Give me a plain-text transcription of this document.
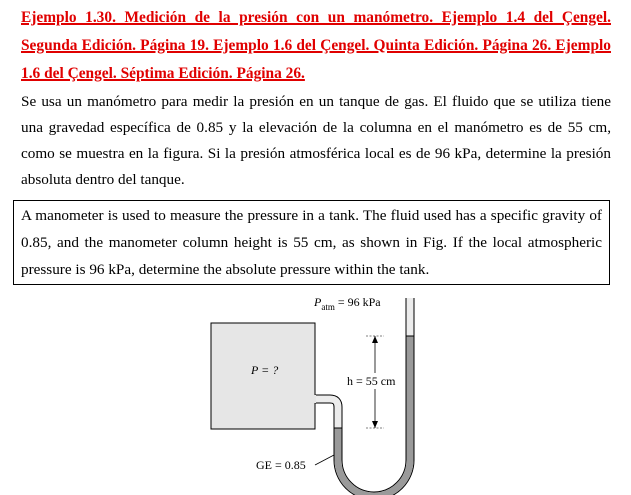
Ejemplo 1.30. Medición de la presión con un manómetro. Ejemplo 1.4 del Çengel. Segunda Edición. Página 19. Ejemplo 1.6 del Çengel. Quinta Edición. Página 26. Ejemplo 1.6 del Çengel. Séptima Edición. Página 26.

Se usa un manómetro para medir la presión en un tanque de gas. El fluido que se utiliza tiene una gravedad específica de 0.85 y la elevación de la columna en el manómetro es de 55 cm, como se muestra en la figura. Si la presión atmosférica local es de 96 kPa, determine la presión absoluta dentro del tanque.

A manometer is used to measure the pressure in a tank. The fluid used has a specific gravity of 0.85, and the manometer column height is 55 cm, as shown in Fig. If the local atmospheric pressure is 96 kPa, determine the absolute pressure within the tank.

$P_{atm} = 96$ kPa
P = ?
h = 55 cm
GE = 0.85
